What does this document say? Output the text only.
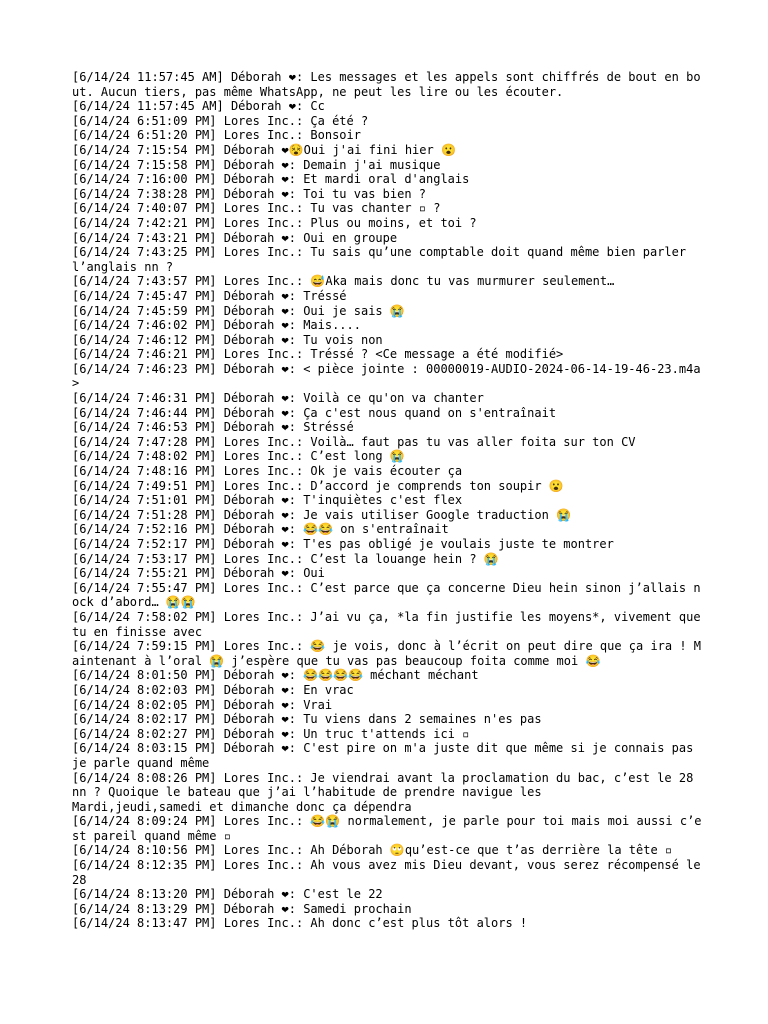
[6/14/24 11:57:45 AM] Déborah ❤: Les messages et les appels sont chiffrés de bout en bout. Aucun tiers, pas même WhatsApp, ne peut les lire ou les écouter.
[6/14/24 11:57:45 AM] Déborah ❤: Cc
[6/14/24 6:51:09 PM] Lores Inc.: Ça été ?
[6/14/24 6:51:20 PM] Lores Inc.: Bonsoir
[6/14/24 7:15:54 PM] Déborah ❤😵Oui j'ai fini hier 😮
[6/14/24 7:15:58 PM] Déborah ❤: Demain j'ai musique
[6/14/24 7:16:00 PM] Déborah ❤: Et mardi oral d'anglais
[6/14/24 7:38:28 PM] Déborah ❤: Toi tu vas bien ?
[6/14/24 7:40:07 PM] Lores Inc.: Tu vas chanter ▫ ?
[6/14/24 7:42:21 PM] Lores Inc.: Plus ou moins, et toi ?
[6/14/24 7:43:21 PM] Déborah ❤: Oui en groupe
[6/14/24 7:43:25 PM] Lores Inc.: Tu sais qu’une comptable doit quand même bien parler l’anglais nn ?
[6/14/24 7:43:57 PM] Lores Inc.: 😅Aka mais donc tu vas murmurer seulement…
[6/14/24 7:45:47 PM] Déborah ❤: Tréssé
[6/14/24 7:45:59 PM] Déborah ❤: Oui je sais 😭
[6/14/24 7:46:02 PM] Déborah ❤: Mais....
[6/14/24 7:46:12 PM] Déborah ❤: Tu vois non
[6/14/24 7:46:21 PM] Lores Inc.: Tréssé ? <Ce message a été modifié>
[6/14/24 7:46:23 PM] Déborah ❤: < pièce jointe : 00000019-AUDIO-2024-06-14-19-46-23.m4a >
[6/14/24 7:46:31 PM] Déborah ❤: Voilà ce qu'on va chanter
[6/14/24 7:46:44 PM] Déborah ❤: Ça c'est nous quand on s'entraînait
[6/14/24 7:46:53 PM] Déborah ❤: Stréssé
[6/14/24 7:47:28 PM] Lores Inc.: Voilà… faut pas tu vas aller foita sur ton CV
[6/14/24 7:48:02 PM] Lores Inc.: C’est long 😭
[6/14/24 7:48:16 PM] Lores Inc.: Ok je vais écouter ça
[6/14/24 7:49:51 PM] Lores Inc.: D’accord je comprends ton soupir 😮
[6/14/24 7:51:01 PM] Déborah ❤: T'inquiètes c'est flex
[6/14/24 7:51:28 PM] Déborah ❤: Je vais utiliser Google traduction 😭
[6/14/24 7:52:16 PM] Déborah ❤: 😂😂 on s'entraînait
[6/14/24 7:52:17 PM] Déborah ❤: T'es pas obligé je voulais juste te montrer
[6/14/24 7:53:17 PM] Lores Inc.: C’est la louange hein ? 😭
[6/14/24 7:55:21 PM] Déborah ❤: Oui
[6/14/24 7:55:47 PM] Lores Inc.: C’est parce que ça concerne Dieu hein sinon j’allais nock d’abord… 😭😭
[6/14/24 7:58:02 PM] Lores Inc.: J’ai vu ça, *la fin justifie les moyens*, vivement que tu en finisse avec
[6/14/24 7:59:15 PM] Lores Inc.: 😂 je vois, donc à l’écrit on peut dire que ça ira ! Maintenant à l’oral 😭 j’espère que tu vas pas beaucoup foita comme moi 😂
[6/14/24 8:01:50 PM] Déborah ❤: 😂😂😂😂 méchant méchant
[6/14/24 8:02:03 PM] Déborah ❤: En vrac
[6/14/24 8:02:05 PM] Déborah ❤: Vrai
[6/14/24 8:02:17 PM] Déborah ❤: Tu viens dans 2 semaines n'es pas
[6/14/24 8:02:27 PM] Déborah ❤: Un truc t'attends ici ▫
[6/14/24 8:03:15 PM] Déborah ❤: C'est pire on m'a juste dit que même si je connais pas je parle quand même
[6/14/24 8:08:26 PM] Lores Inc.: Je viendrai avant la proclamation du bac, c’est le 28 nn ? Quoique le bateau que j’ai l’habitude de prendre navigue les
Mardi,jeudi,samedi et dimanche donc ça dépendra
[6/14/24 8:09:24 PM] Lores Inc.: 😂😭 normalement, je parle pour toi mais moi aussi c’est pareil quand même ▫
[6/14/24 8:10:56 PM] Lores Inc.: Ah Déborah 🙄qu’est-ce que t’as derrière la tête ▫
[6/14/24 8:12:35 PM] Lores Inc.: Ah vous avez mis Dieu devant, vous serez récompensé le 28
[6/14/24 8:13:20 PM] Déborah ❤: C'est le 22
[6/14/24 8:13:29 PM] Déborah ❤: Samedi prochain
[6/14/24 8:13:47 PM] Lores Inc.: Ah donc c’est plus tôt alors !
